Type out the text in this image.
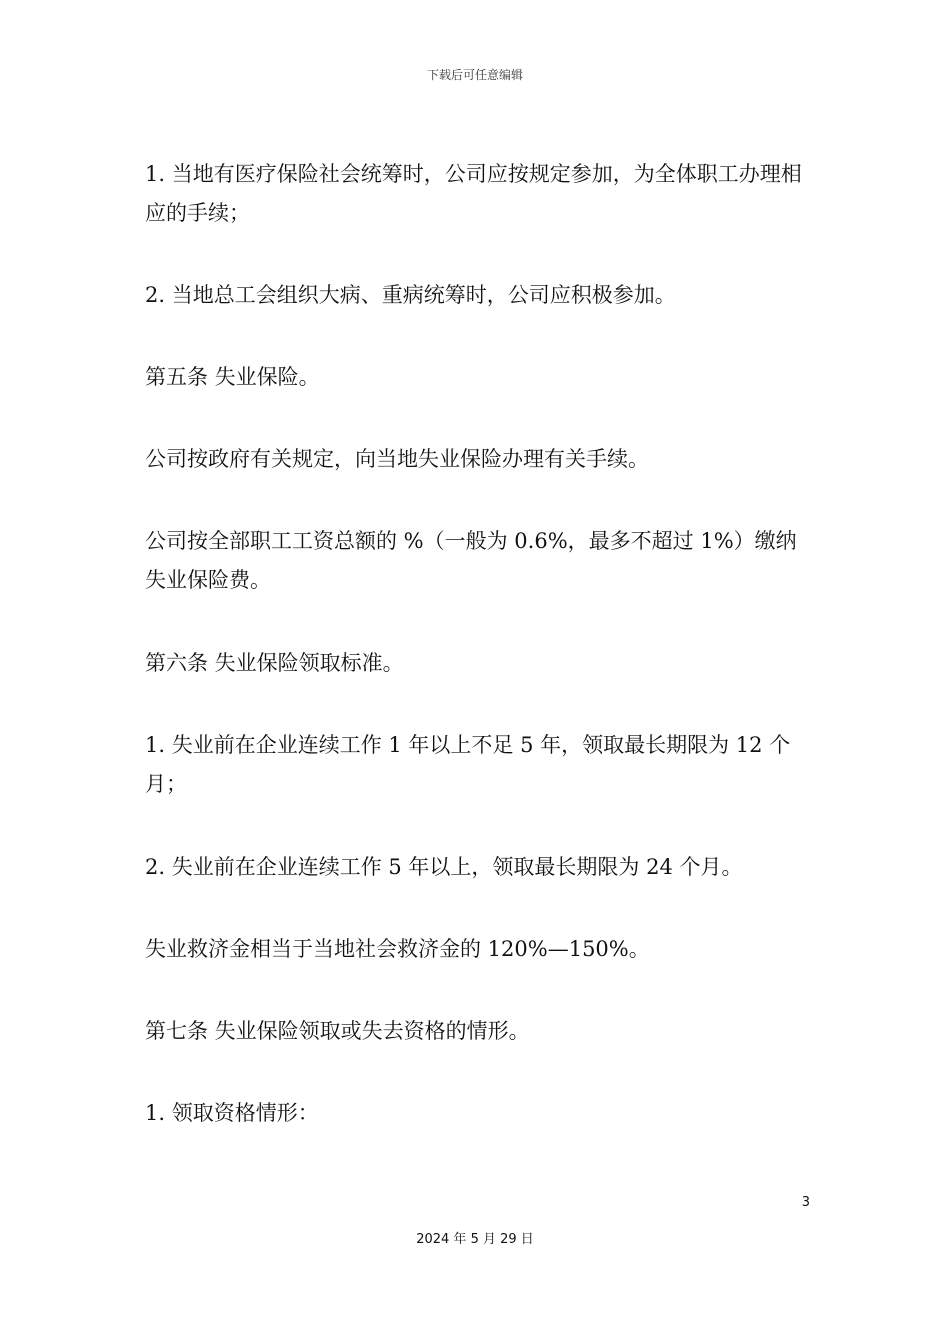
下载后可任意编辑

1. 当地有医疗保险社会统筹时，公司应按规定参加，为全体职工办理相应的手续；

2. 当地总工会组织大病、重病统筹时，公司应积极参加。

第五条 失业保险。

公司按政府有关规定，向当地失业保险办理有关手续。

公司按全部职工工资总额的 %（一般为 0.6%，最多不超过 1%）缴纳失业保险费。

第六条 失业保险领取标准。

1. 失业前在企业连续工作 1 年以上不足 5 年，领取最长期限为 12 个月；

2. 失业前在企业连续工作 5 年以上，领取最长期限为 24 个月。

失业救济金相当于当地社会救济金的 120%—150%。

第七条 失业保险领取或失去资格的情形。

1. 领取资格情形：

3
2024 年 5 月 29 日
